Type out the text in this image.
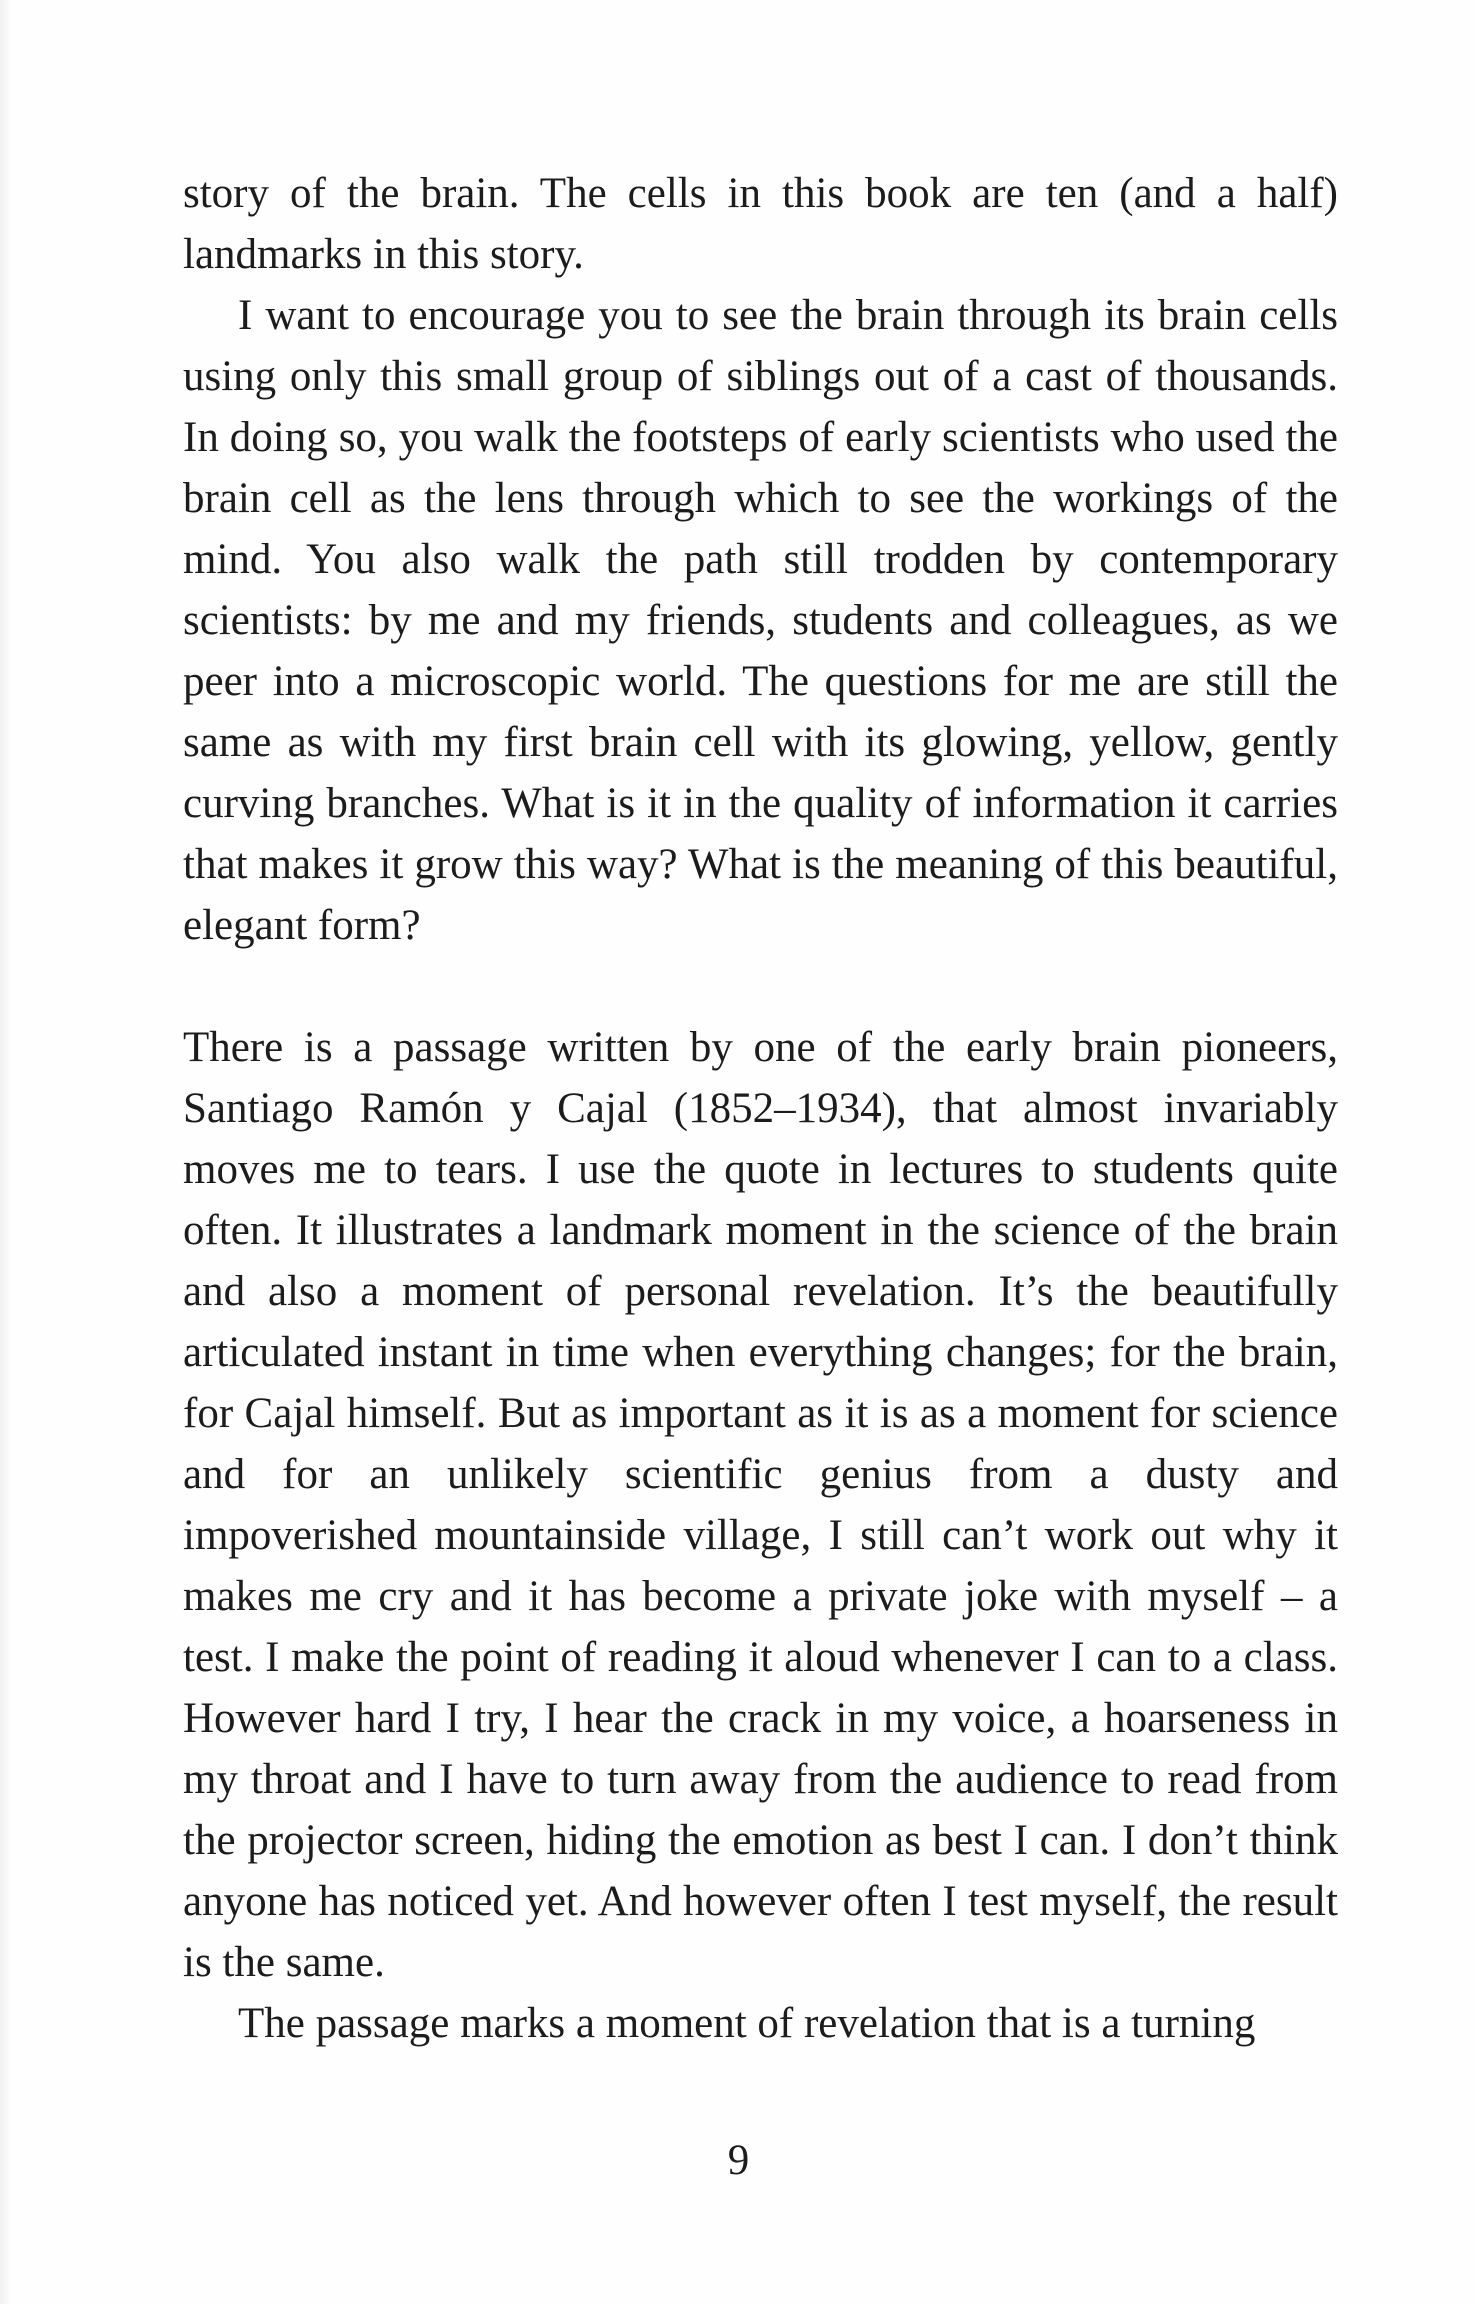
story of the brain. The cells in this book are ten (and a half) landmarks in this story.

I want to encourage you to see the brain through its brain cells using only this small group of siblings out of a cast of thousands. In doing so, you walk the footsteps of early scientists who used the brain cell as the lens through which to see the workings of the mind. You also walk the path still trodden by contemporary scientists: by me and my friends, students and colleagues, as we peer into a microscopic world. The questions for me are still the same as with my first brain cell with its glowing, yellow, gently curving branches. What is it in the quality of information it carries that makes it grow this way? What is the meaning of this beautiful, elegant form?

There is a passage written by one of the early brain pioneers, Santiago Ramón y Cajal (1852–1934), that almost invariably moves me to tears. I use the quote in lectures to students quite often. It illustrates a landmark moment in the science of the brain and also a moment of personal revelation. It’s the beautifully articulated instant in time when everything changes; for the brain, for Cajal himself. But as important as it is as a moment for science and for an unlikely scientific genius from a dusty and impoverished mountainside village, I still can’t work out why it makes me cry and it has become a private joke with myself – a test. I make the point of reading it aloud whenever I can to a class. However hard I try, I hear the crack in my voice, a hoarseness in my throat and I have to turn away from the audience to read from the projector screen, hiding the emotion as best I can. I don’t think anyone has noticed yet. And however often I test myself, the result is the same.

The passage marks a moment of revelation that is a turning

9
